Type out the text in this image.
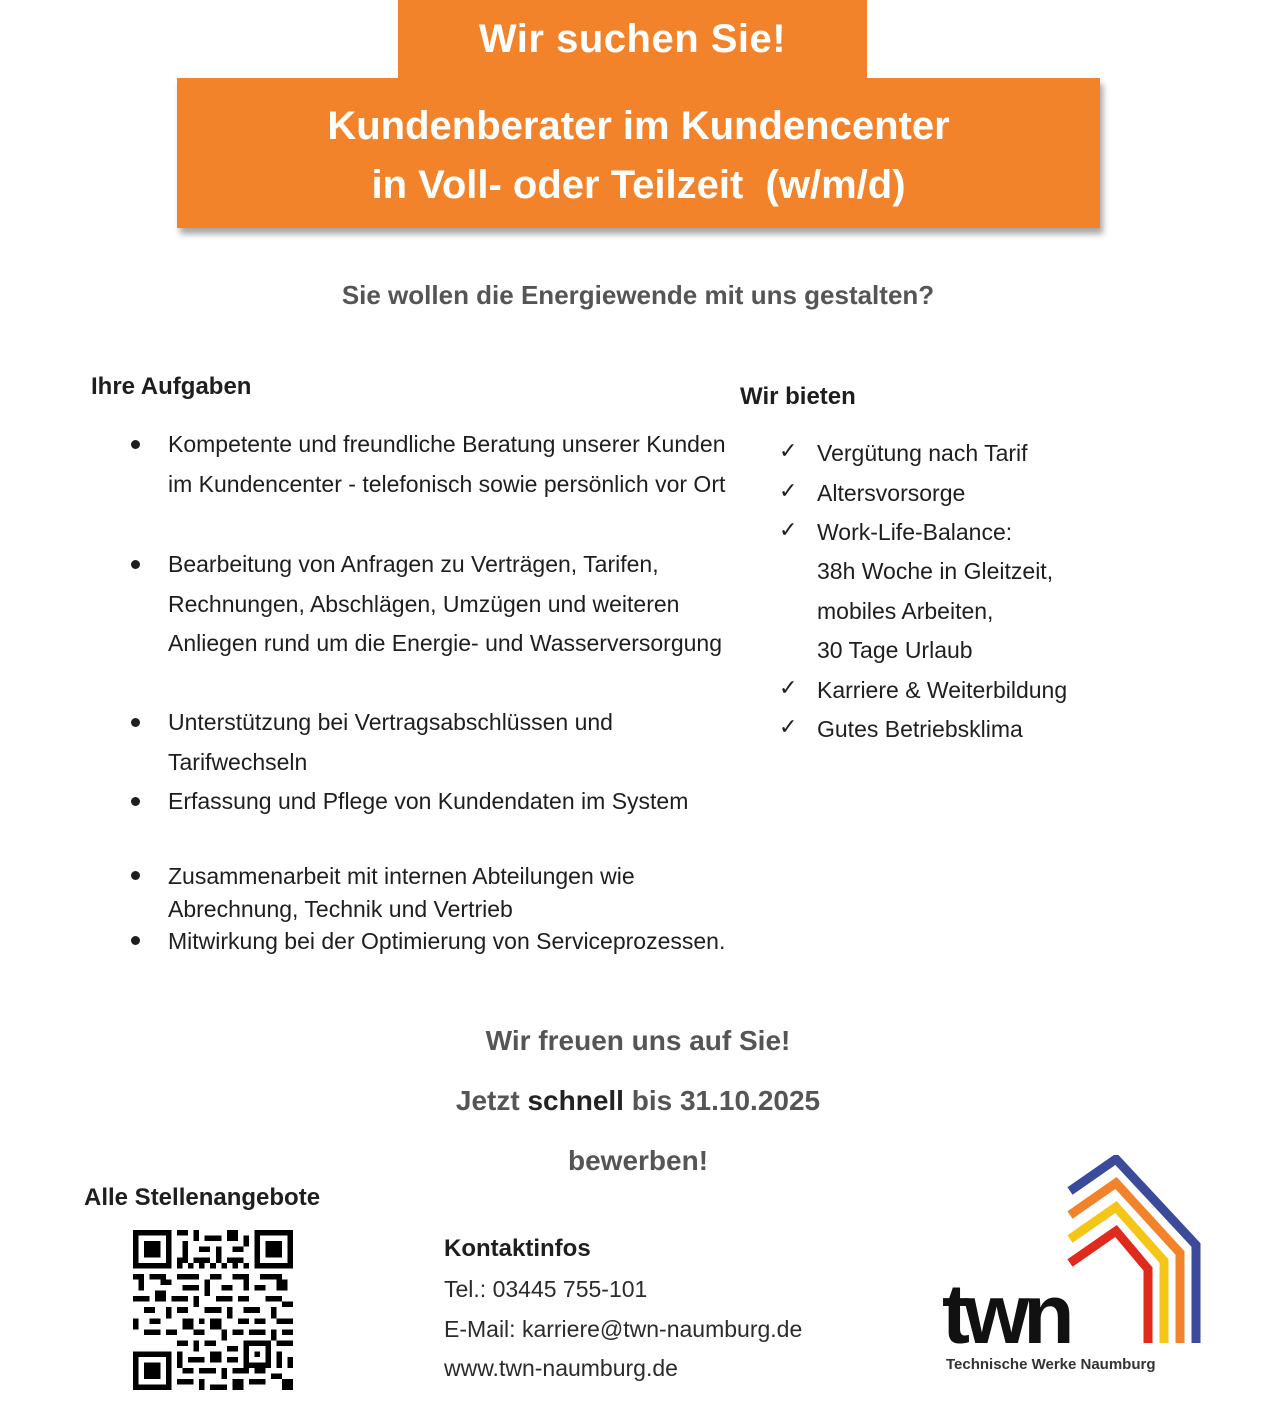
Wir suchen Sie!
Kundenberater im Kundencenter
in Voll- oder Teilzeit  (w/m/d)
Sie wollen die Energiewende mit uns gestalten?
Ihre Aufgaben	Wir bieten
Kompetente und freundliche Beratung unserer Kunden im Kundencenter - telefonisch sowie persönlich vor Ort
Bearbeitung von Anfragen zu Verträgen, Tarifen, Rechnungen, Abschlägen, Umzügen und weiteren Anliegen rund um die Energie- und Wasserversorgung
Unterstützung bei Vertragsabschlüssen und Tarifwechseln
Erfassung und Pflege von Kundendaten im System
Zusammenarbeit mit internen Abteilungen wie Abrechnung, Technik und Vertrieb
Mitwirkung bei der Optimierung von Serviceprozessen.
✓ Vergütung nach Tarif
✓ Altersvorsorge
✓ Work-Life-Balance:
38h Woche in Gleitzeit,
mobiles Arbeiten,
30 Tage Urlaub
✓ Karriere & Weiterbildung
✓ Gutes Betriebsklima
Wir freuen uns auf Sie!
Jetzt schnell bis 31.10.2025
bewerben!
Alle Stellenangebote
Kontaktinfos
Tel.: 03445 755-101
E-Mail: karriere@twn-naumburg.de
www.twn-naumburg.de
twn
Technische Werke Naumburg
